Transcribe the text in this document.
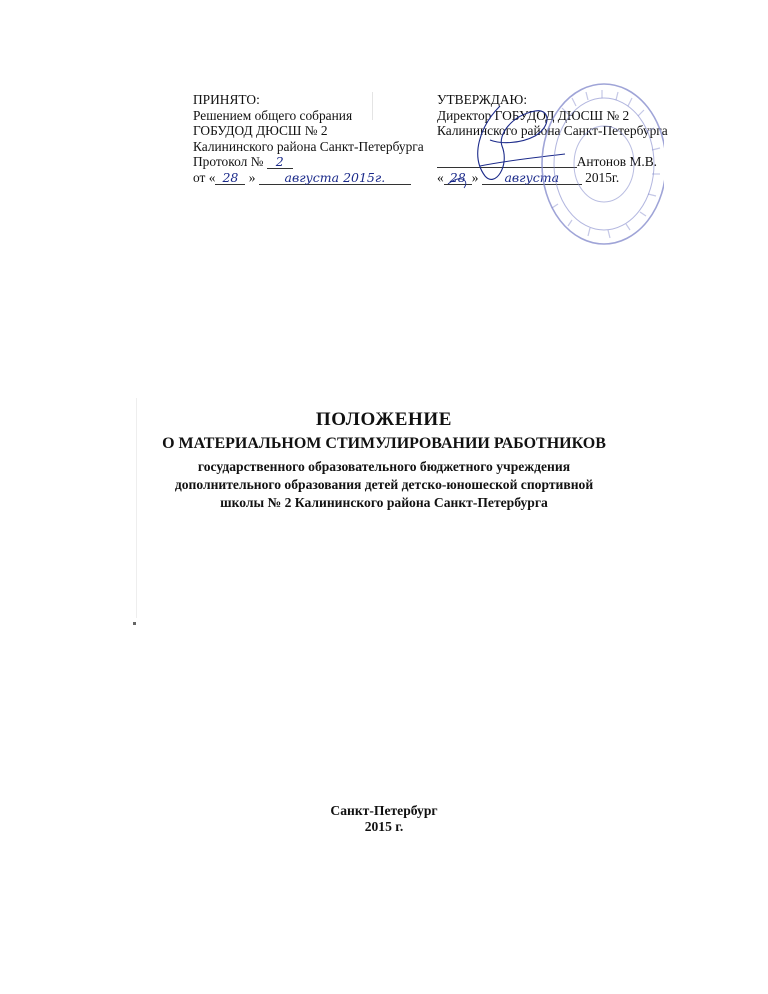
ПРИНЯТО:
Решением общего собрания
ГОБУДОД ДЮСШ № 2
Калининского района Санкт-Петербурга
Протокол № 2
от « 28 » августа 2015г.
УТВЕРЖДАЮ:
Директор ГОБУДОД ДЮСШ № 2
Калининского района Санкт-Петербурга
Антонов М.В.
« 28 » августа 2015г.
ПОЛОЖЕНИЕ
О МАТЕРИАЛЬНОМ СТИМУЛИРОВАНИИ РАБОТНИКОВ
государственного образовательного бюджетного учреждения
дополнительного образования детей детско-юношеской спортивной
школы № 2 Калининского района Санкт-Петербурга
Санкт-Петербург
2015 г.
